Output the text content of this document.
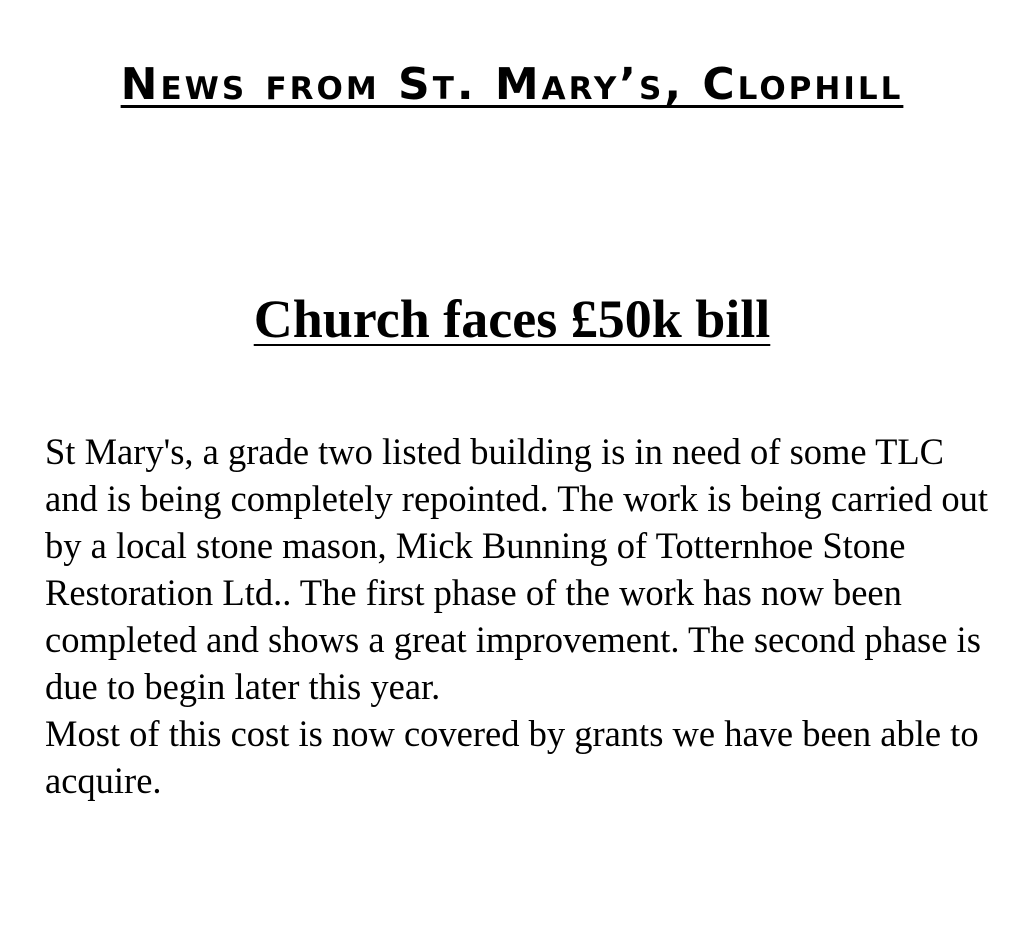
News from St. Mary’s, Clophill
Church faces £50k bill

St Mary's, a grade two listed building is in need of some TLC and is being completely repointed. The work is being carried out by a local stone mason, Mick Bunning of Totternhoe Stone Restoration Ltd.. The first phase of the work has now been completed and shows a great improvement. The second phase is due to begin later this year.

Most of this cost is now covered by grants we have been able to acquire.
